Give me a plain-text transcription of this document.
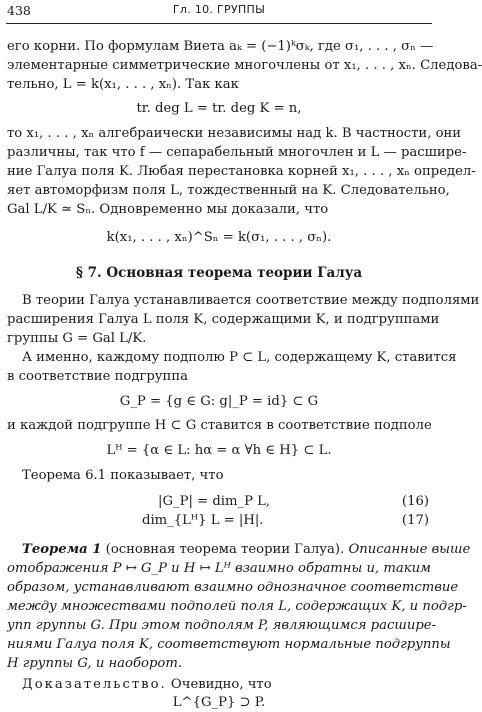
438	Гл. 10. ГРУППЫ
его корни. По формулам Виета aₖ = (−1)ᵏσₖ, где σ₁, . . . , σₙ —
элементарные симметрические многочлены от x₁, . . . , xₙ. Следова-
тельно, L = k(x₁, . . . , xₙ). Так как
tr. deg L = tr. deg K = n,
то x₁, . . . , xₙ алгебраически независимы над k. В частности, они
различны, так что f — сепарабельный многочлен и L — расшире-
ние Галуа поля K. Любая перестановка корней x₁, . . . , xₙ определ-
яет автоморфизм поля L, тождественный на K. Следовательно,
Gal L/K ≃ Sₙ. Одновременно мы доказали, что
k(x₁, . . . , xₙ)^Sₙ = k(σ₁, . . . , σₙ).
§ 7. Основная теорема теории Галуа
В теории Галуа устанавливается соответствие между подполями
расширения Галуа L поля K, содержащими K, и подгруппами
группы G = Gal L/K.
А именно, каждому подполю P ⊂ L, содержащему K, ставится
в соответствие подгруппа
G_P = {g ∈ G: g|_P = id} ⊂ G
и каждой подгруппе H ⊂ G ставится в соответствие подполе
Lᴴ = {α ∈ L: hα = α ∀h ∈ H} ⊂ L.
Теорема 6.1 показывает, что
|G_P| = dim_P L,	(16)
dim_{Lᴴ} L = |H|.	(17)
Теорема 1 (основная теорема теории Галуа). Описанные выше
отображения P ↦ G_P и H ↦ Lᴴ взаимно обратны и, таким
образом, устанавливают взаимно однозначное соответствие
между множествами подполей поля L, содержащих K, и подгр-
упп группы G. При этом подполям P, являющимся расшире-
ниями Галуа поля K, соответствуют нормальные подгруппы
H группы G, и наоборот.
Доказательство. Очевидно, что
L^{G_P} ⊃ P.
